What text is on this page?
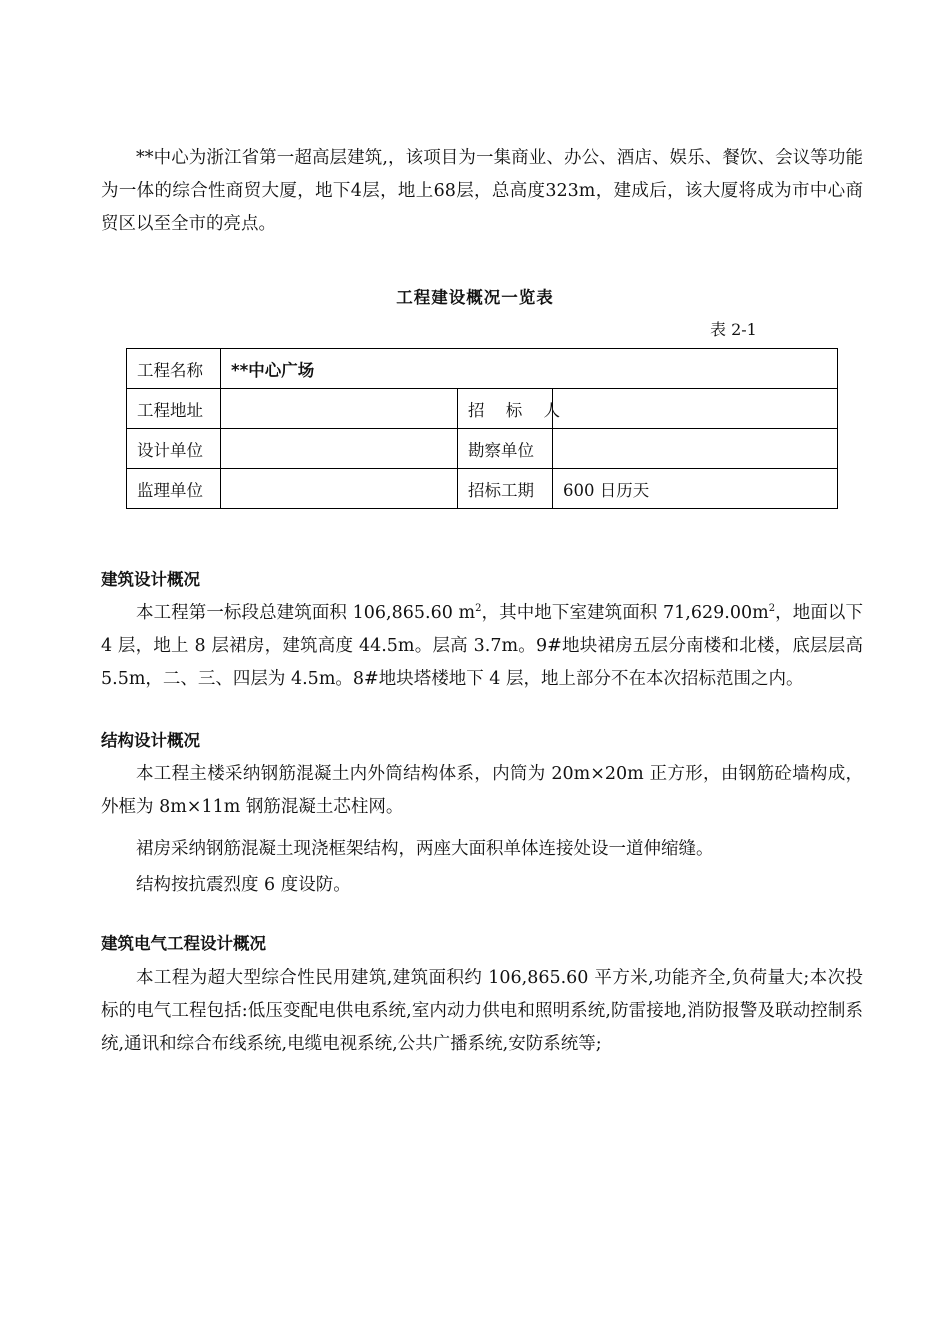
**中心为浙江省第一超高层建筑,，该项目为一集商业、办公、酒店、娱乐、餐饮、会议等功能为一体的综合性商贸大厦，地下4层，地上68层，总高度323m，建成后，该大厦将成为市中心商贸区以至全市的亮点。

工程建设概况一览表
表 2-1
工程名称	**中心广场		
工程地址		招 标 人	
设计单位		勘察单位	
监理单位		招标工期	600 日历天
建筑设计概况

本工程第一标段总建筑面积 106,865.60 $m^2$，其中地下室建筑面积 $71,629.00m^2$，地面以下 4 层，地上 8 层裙房，建筑高度 44.5m。层高 3.7m。9#地块裙房五层分南楼和北楼，底层层高 5.5m，二、三、四层为 4.5m。8#地块塔楼地下 4 层，地上部分不在本次招标范围之内。

结构设计概况

本工程主楼采纳钢筋混凝土内外筒结构体系，内筒为 20m×20m 正方形，由钢筋砼墙构成，外框为 8m×11m 钢筋混凝土芯柱网。

裙房采纳钢筋混凝土现浇框架结构，两座大面积单体连接处设一道伸缩缝。

结构按抗震烈度 6 度设防。

建筑电气工程设计概况

本工程为超大型综合性民用建筑,建筑面积约 106,865.60 平方米,功能齐全,负荷量大;本次投标的电气工程包括:低压变配电供电系统,室内动力供电和照明系统,防雷接地,消防报警及联动控制系统,通讯和综合布线系统,电缆电视系统,公共广播系统,安防系统等;
